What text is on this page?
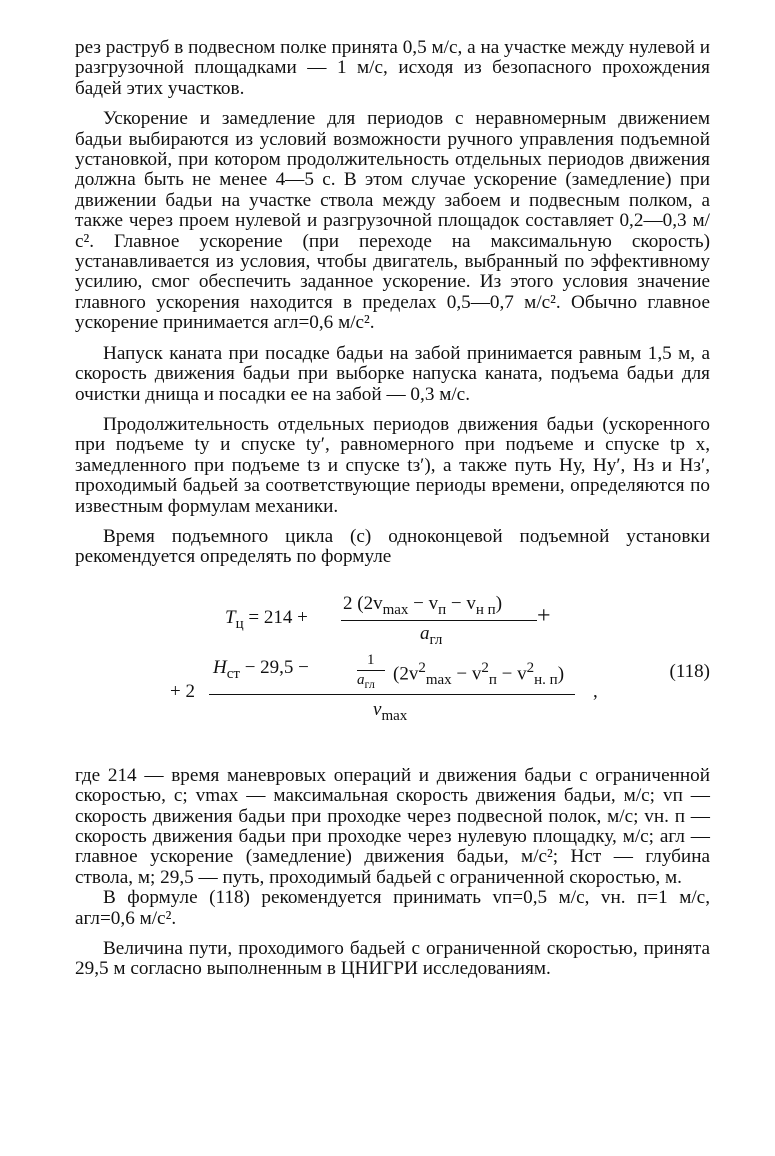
рез раструб в подвесном полке принята 0,5 м/с, а на участке между нулевой и разгрузочной площадками — 1 м/с, исходя из безопасного прохождения бадей этих участков.

Ускорение и замедление для периодов с неравномерным движением бадьи выбираются из условий возможности ручного управления подъемной установкой, при котором продолжительность отдельных периодов движения должна быть не менее 4—5 с. В этом случае ускорение (замедление) при движении бадьи на участке ствола между забоем и подвесным полком, а также через проем нулевой и разгрузочной площадок составляет 0,2—0,3 м/с². Главное ускорение (при переходе на максимальную скорость) устанавливается из условия, чтобы двигатель, выбранный по эффективному усилию, смог обеспечить заданное ускорение. Из этого условия значение главного ускорения находится в пределах 0,5—0,7 м/с². Обычно главное ускорение принимается aгл=0,6 м/с².

Напуск каната при посадке бадьи на забой принимается равным 1,5 м, а скорость движения бадьи при выборке напуска каната, подъема бадьи для очистки днища и посадки ее на забой — 0,3 м/с.

Продолжительность отдельных периодов движения бадьи (ускоренного при подъеме tу и спуске tу′, равномерного при подъеме и спуске tр х, замедленного при подъеме tз и спуске tз′), а также путь Hу, Hу′, Hз и Hз′, проходимый бадьей за соответствующие периоды времени, определяются по известным формулам механики.

Время подъемного цикла (с) одноконцевой подъемной установки рекомендуется определять по формуле

$T_ц = 214$ +
2 $(2v_{max} - v_п - v_{н п})$
$a_{гл}$
+
+ 2
$H_{ст} - 29,5$ −	1
$a_{гл}$ $(2v^2_{max} - v^2_п - v^2_{н. п})$
$v_{max}$
,
(118)

где 214 — время маневровых операций и движения бадьи с ограниченной скоростью, с; vmax — максимальная скорость движения бадьи, м/с; vп — скорость движения бадьи при проходке через подвесной полок, м/с; vн. п — скорость движения бадьи при проходке через нулевую площадку, м/с; aгл — главное ускорение (замедление) движения бадьи, м/с²; Hст — глубина ствола, м; 29,5 — путь, проходимый бадьей с ограниченной скоростью, м.

В формуле (118) рекомендуется принимать vп=0,5 м/с, vн. п=1 м/с, aгл=0,6 м/с².

Величина пути, проходимого бадьей с ограниченной скоростью, принята 29,5 м согласно выполненным в ЦНИГРИ исследованиям.
